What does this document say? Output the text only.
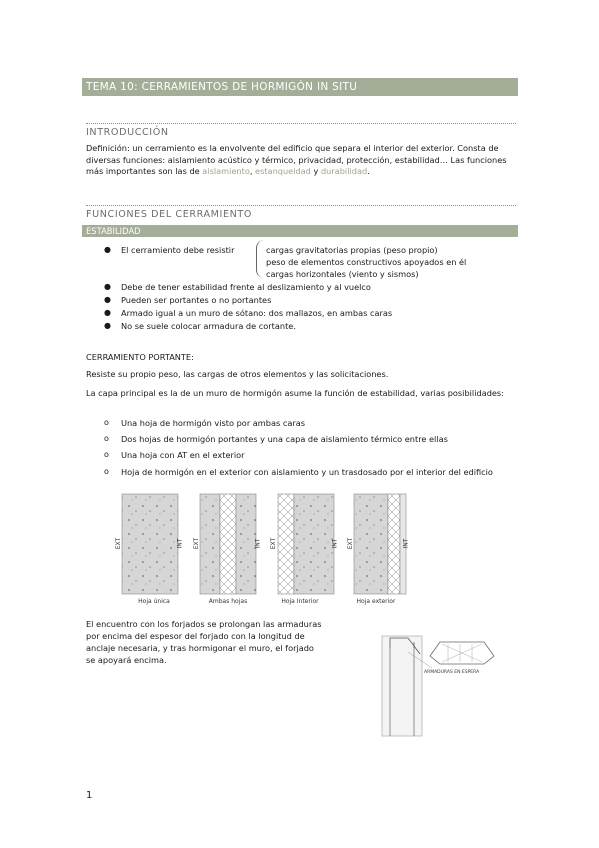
TEMA 10: CERRAMIENTOS DE HORMIGÓN IN SITU
INTRODUCCIÓN
Definición: un cerramiento es la envolvente del edificio que separa el interior del exterior. Consta de diversas funciones: aislamiento acústico y térmico, privacidad, protección, estabilidad… Las funciones más importantes son las de aislamiento, estanqueidad y durabilidad.
FUNCIONES DEL CERRAMIENTO
ESTABILIDAD
● El cerramiento debe resistir	cargas gravitatorias propias (peso propio)
peso de elementos constructivos apoyados en él
cargas horizontales (viento y sismos)
● Debe de tener estabilidad frente al deslizamiento y al vuelco
● Pueden ser portantes o no portantes
● Armado igual a un muro de sótano: dos mallazos, en ambas caras
● No se suele colocar armadura de cortante.
CERRAMIENTO PORTANTE:
Resiste su propio peso, las cargas de otros elementos y las solicitaciones.
La capa principal es la de un muro de hormigón asume la función de estabilidad, varias posibilidades:
o Una hoja de hormigón visto por ambas caras
o Dos hojas de hormigón portantes y una capa de aislamiento térmico entre ellas
o Una hoja con AT en el exterior
o Hoja de hormigón en el exterior con aislamiento y un trasdosado por el interior del edificio
EXT	INT EXT	INT EXT	INT EXT	INT
Hoja única	Ambas hojas	Hoja Interior	Hoja exterior
El encuentro con los forjados se prolongan las armaduras por encima del espesor del forjado con la longitud de anclaje necesaria, y tras hormigonar el muro, el forjado se apoyará encima.
ARMADURAS EN ESPERA
1
